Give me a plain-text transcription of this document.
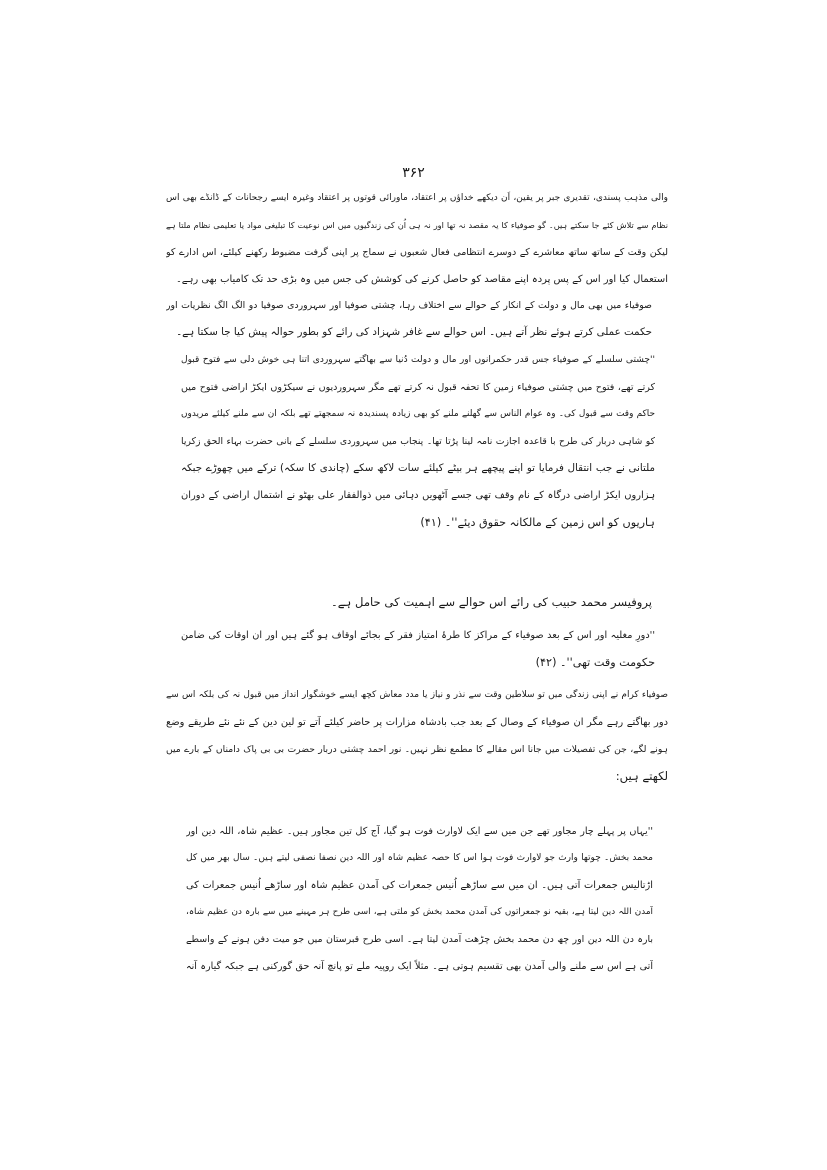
۳۶۲
والی مذہب پسندی، تقدیری جبر پر یقین، اَن دیکھے خداؤں پر اعتقاد، ماورائی قوتوں پر اعتقاد وغیرہ ایسے رجحانات کے ڈانڈے بھی اس
نظام سے تلاش کئے جا سکتے ہیں۔ گو صوفیاء کا یہ مقصد نہ تھا اور نہ ہی اُن کی زندگیوں میں اس نوعیت کا تبلیغی مواد یا تعلیمی نظام ملتا ہے
لیکن وقت کے ساتھ ساتھ معاشرے کے دوسرے انتظامی فعال شعبوں نے سماج پر اپنی گرفت مضبوط رکھنے کیلئے، اس ادارے کو
استعمال کیا اور اس کے پس پردہ اپنے مقاصد کو حاصل کرنے کی کوشش کی جس میں وہ بڑی حد تک کامیاب بھی رہے۔
صوفیاء میں بھی مال و دولت کے انکار کے حوالے سے اختلاف رہا، چشتی صوفیا اور سہروردی صوفیا دو الگ الگ نظریات اور
حکمت عملی کرتے ہوئے نظر آتے ہیں۔ اس حوالے سے غافر شہزاد کی رائے کو بطور حوالہ پیش کیا جا سکتا ہے۔
''چشتی سلسلے کے صوفیاء جس قدر حکمرانوں اور مال و دولت دُنیا سے بھاگتے سہروردی اتنا ہی خوش دلی سے فتوح قبول
کرتے تھے، فتوح میں چشتی صوفیاء زمین کا تحفہ قبول نہ کرتے تھے مگر سہروردیوں نے سیکڑوں ایکڑ اراضی فتوح میں
حاکم وقت سے قبول کی۔ وہ عوام الناس سے گھلنے ملنے کو بھی زیادہ پسندیدہ نہ سمجھتے تھے بلکہ ان سے ملنے کیلئے مریدوں
کو شاہی دربار کی طرح با قاعدہ اجازت نامہ لینا پڑتا تھا۔ پنجاب میں سہروردی سلسلے کے بانی حضرت بہاء الحق زکریا
ملتانی نے جب انتقال فرمایا تو اپنے پیچھے ہر بیٹے کیلئے سات لاکھ سکے (چاندی کا سکہ) ترکے میں چھوڑے جبکہ
ہزاروں ایکڑ اراضی درگاہ کے نام وقف تھی جسے آٹھویں دہائی میں ذوالفقار علی بھٹو نے اشتمال اراضی کے دوران
ہاریوں کو اس زمین کے مالکانہ حقوق دیئے''۔ (۴۱)
پروفیسر محمد حبیب کی رائے اس حوالے سے اہمیت کی حامل ہے۔
''دورِ مغلیہ اور اس کے بعد صوفیاء کے مراکز کا طرۂ امتیاز فقر کے بجائے اوقاف ہو گئے ہیں اور ان اوقات کی ضامن
حکومت وقت تھی''۔ (۴۲)
صوفیاء کرام نے اپنی زندگی میں تو سلاطین وقت سے نذر و نیاز یا مدد معاش کچھ ایسے خوشگوار انداز میں قبول نہ کی بلکہ اس سے
دور بھاگتے رہے مگر ان صوفیاء کے وصال کے بعد جب بادشاہ مزارات پر حاضر کیلئے آتے تو لین دین کے نئے نئے طریقے وضع
ہونے لگے، جن کی تفصیلات میں جانا اس مقالے کا مطمع نظر نہیں۔ نور احمد چشتی دربار حضرت بی بی پاک دامناں کے بارے میں
لکھتے ہیں:
''یہاں پر پہلے چار مجاور تھے جن میں سے ایک لاوارث فوت ہو گیا، آج کل تین مجاور ہیں۔ عظیم شاہ، اللہ دین اور
محمد بخش۔ چوتھا وارث جو لاوارث فوت ہوا اس کا حصہ عظیم شاہ اور اللہ دین نصفا نصفی لیتے ہیں۔ سال بھر میں کل
اڑتالیس جمعرات آتی ہیں۔ ان میں سے ساڑھے اُنیس جمعرات کی آمدن عظیم شاہ اور ساڑھے اُنیس جمعرات کی
آمدن اللہ دین لیتا ہے، بقیہ نو جمعراتوں کی آمدن محمد بخش کو ملتی ہے، اسی طرح ہر مہینے میں سے بارہ دن عظیم شاہ،
بارہ دن اللہ دین اور چھ دن محمد بخش چڑھت آمدن لیتا ہے۔ اسی طرح قبرستان میں جو میت دفن ہونے کے واسطے
آتی ہے اس سے ملنے والی آمدن بھی تقسیم ہوتی ہے۔ مثلاً ایک روپیہ ملے تو پانچ آنہ حق گورکنی ہے جبکہ گیارہ آنہ
